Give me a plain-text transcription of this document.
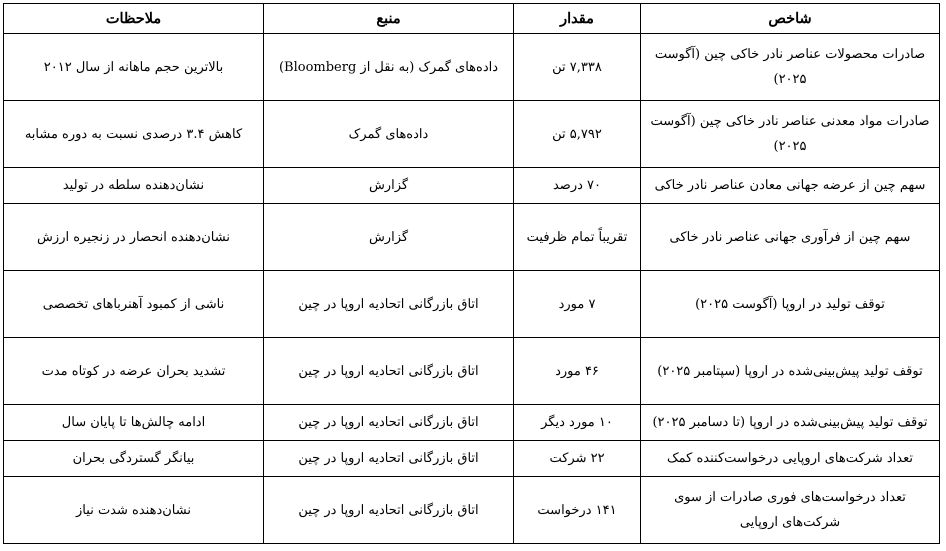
شاخص	مقدار	منبع	ملاحظات
صادرات محصولات عناصر نادر خاکی چین (آگوست ۲۰۲۵)	۷,۳۳۸ تن	داده‌های گمرک (به نقل از Bloomberg)	بالاترین حجم ماهانه از سال ۲۰۱۲
صادرات مواد معدنی عناصر نادر خاکی چین (آگوست ۲۰۲۵)	۵,۷۹۲ تن	داده‌های گمرک	کاهش ۳.۴ درصدی نسبت به دوره مشابه
سهم چین از عرضه جهانی معادن عناصر نادر خاکی	۷۰ درصد	گزارش	نشان‌دهنده سلطه در تولید
سهم چین از فرآوری جهانی عناصر نادر خاکی	تقریباً تمام ظرفیت	گزارش	نشان‌دهنده انحصار در زنجیره ارزش
توقف تولید در اروپا (آگوست ۲۰۲۵)	۷ مورد	اتاق بازرگانی اتحادیه اروپا در چین	ناشی از کمبود آهنرباهای تخصصی
توقف تولید پیش‌بینی‌شده در اروپا (سپتامبر ۲۰۲۵)	۴۶ مورد	اتاق بازرگانی اتحادیه اروپا در چین	تشدید بحران عرضه در کوتاه مدت
توقف تولید پیش‌بینی‌شده در اروپا (تا دسامبر ۲۰۲۵)	۱۰ مورد دیگر	اتاق بازرگانی اتحادیه اروپا در چین	ادامه چالش‌ها تا پایان سال
تعداد شرکت‌های اروپایی درخواست‌کننده کمک	۲۲ شرکت	اتاق بازرگانی اتحادیه اروپا در چین	بیانگر گستردگی بحران
تعداد درخواست‌های فوری صادرات از سوی شرکت‌های اروپایی	۱۴۱ درخواست	اتاق بازرگانی اتحادیه اروپا در چین	نشان‌دهنده شدت نیاز
